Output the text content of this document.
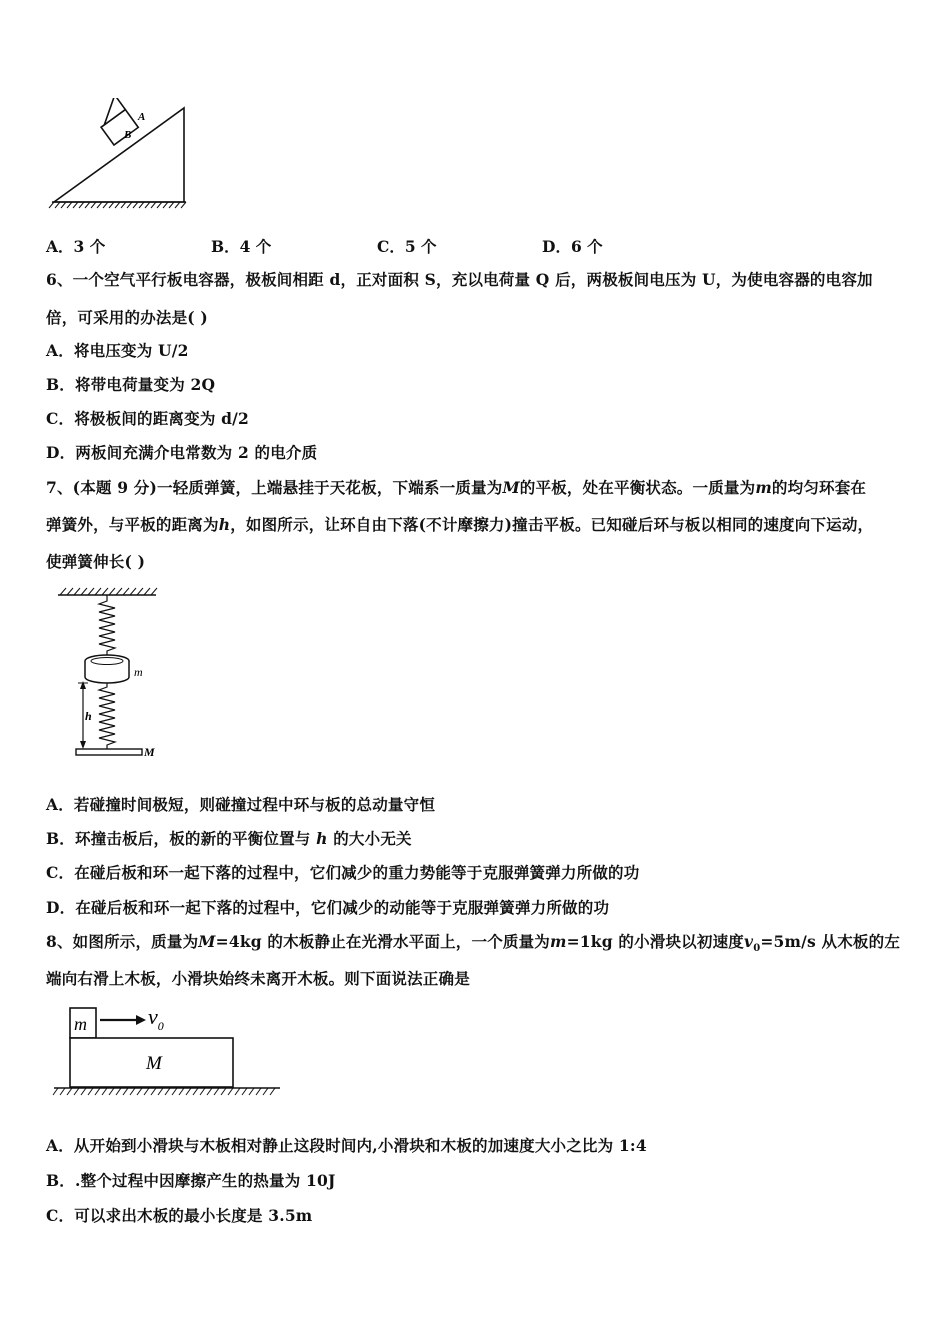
A
B
A．3 个	B．4 个	C．5 个	D．6 个
6、一个空气平行板电容器，极板间相距 d，正对面积 S，充以电荷量 Q 后，两极板间电压为 U，为使电容器的电容加
倍，可采用的办法是( )
A．将电压变为 U/2
B．将带电荷量变为 2Q
C．将极板间的距离变为 d/2
D．两板间充满介电常数为 2 的电介质
7、(本题 9 分)一轻质弹簧，上端悬挂于天花板，下端系一质量为M的平板，处在平衡状态。一质量为m的均匀环套在
弹簧外，与平板的距离为h，如图所示，让环自由下落(不计摩擦力)撞击平板。已知碰后环与板以相同的速度向下运动，
使弹簧伸长( )
m
h
M
A．若碰撞时间极短，则碰撞过程中环与板的总动量守恒
B．环撞击板后，板的新的平衡位置与 h 的大小无关
C．在碰后板和环一起下落的过程中，它们减少的重力势能等于克服弹簧弹力所做的功
D．在碰后板和环一起下落的过程中，它们减少的动能等于克服弹簧弹力所做的功
8、如图所示，质量为M=4kg 的木板静止在光滑水平面上，一个质量为m=1kg 的小滑块以初速度$v_0=5m/s$ 从木板的左
端向右滑上木板，小滑块始终未离开木板。则下面说法正确是
m	$v_0$
M
A．从开始到小滑块与木板相对静止这段时间内,小滑块和木板的加速度大小之比为 1:4
B．.整个过程中因摩擦产生的热量为 10J
C．可以求出木板的最小长度是 3.5m
